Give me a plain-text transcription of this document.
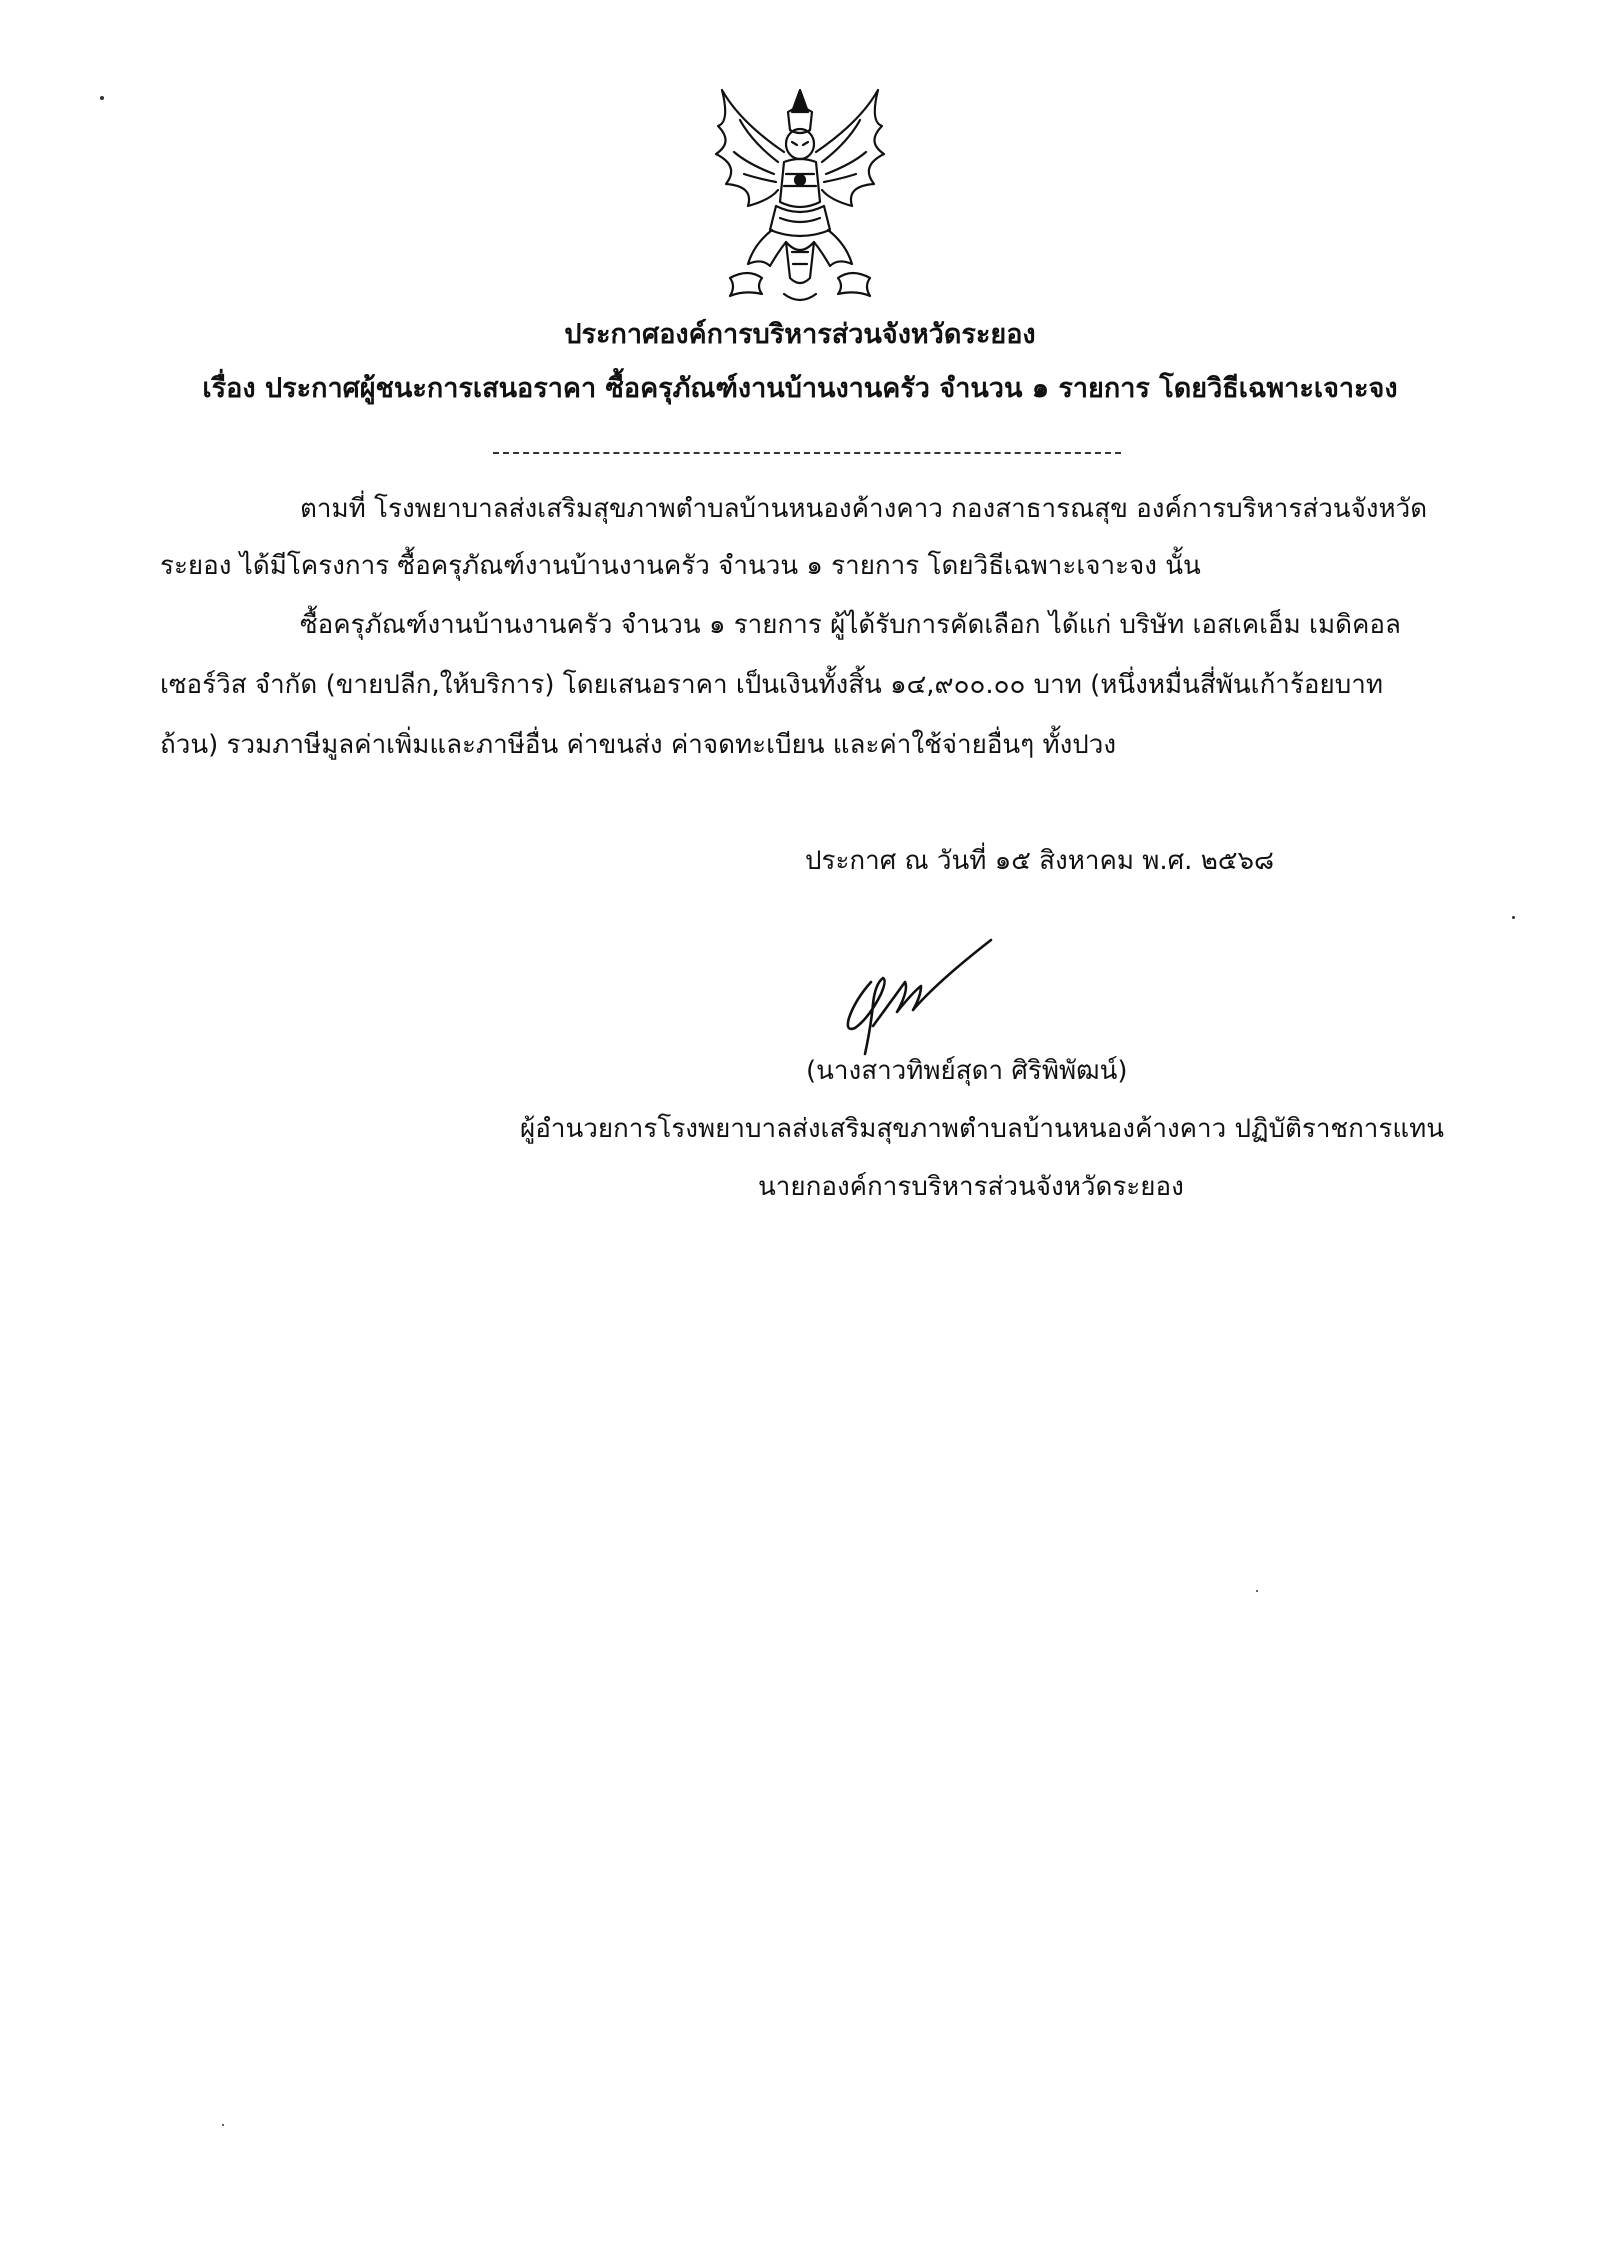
ประกาศองค์การบริหารส่วนจังหวัดระยอง
เรื่อง ประกาศผู้ชนะการเสนอราคา ซื้อครุภัณฑ์งานบ้านงานครัว จำนวน ๑ รายการ โดยวิธีเฉพาะเจาะจง
ตามที่ โรงพยาบาลส่งเสริมสุขภาพตำบลบ้านหนองค้างคาว กองสาธารณสุข องค์การบริหารส่วนจังหวัด
ระยอง ได้มีโครงการ ซื้อครุภัณฑ์งานบ้านงานครัว จำนวน ๑ รายการ โดยวิธีเฉพาะเจาะจง นั้น
ซื้อครุภัณฑ์งานบ้านงานครัว จำนวน ๑ รายการ ผู้ได้รับการคัดเลือก ได้แก่ บริษัท เอสเคเอ็ม เมดิคอล
เซอร์วิส จำกัด (ขายปลีก,ให้บริการ) โดยเสนอราคา เป็นเงินทั้งสิ้น ๑๔,๙๐๐.๐๐ บาท (หนึ่งหมื่นสี่พันเก้าร้อยบาท
ถ้วน) รวมภาษีมูลค่าเพิ่มและภาษีอื่น ค่าขนส่ง ค่าจดทะเบียน และค่าใช้จ่ายอื่นๆ ทั้งปวง
ประกาศ ณ วันที่ ๑๕ สิงหาคม พ.ศ. ๒๕๖๘
(นางสาวทิพย์สุดา ศิริพิพัฒน์)
ผู้อำนวยการโรงพยาบาลส่งเสริมสุขภาพตำบลบ้านหนองค้างคาว ปฏิบัติราชการแทน
นายกองค์การบริหารส่วนจังหวัดระยอง
